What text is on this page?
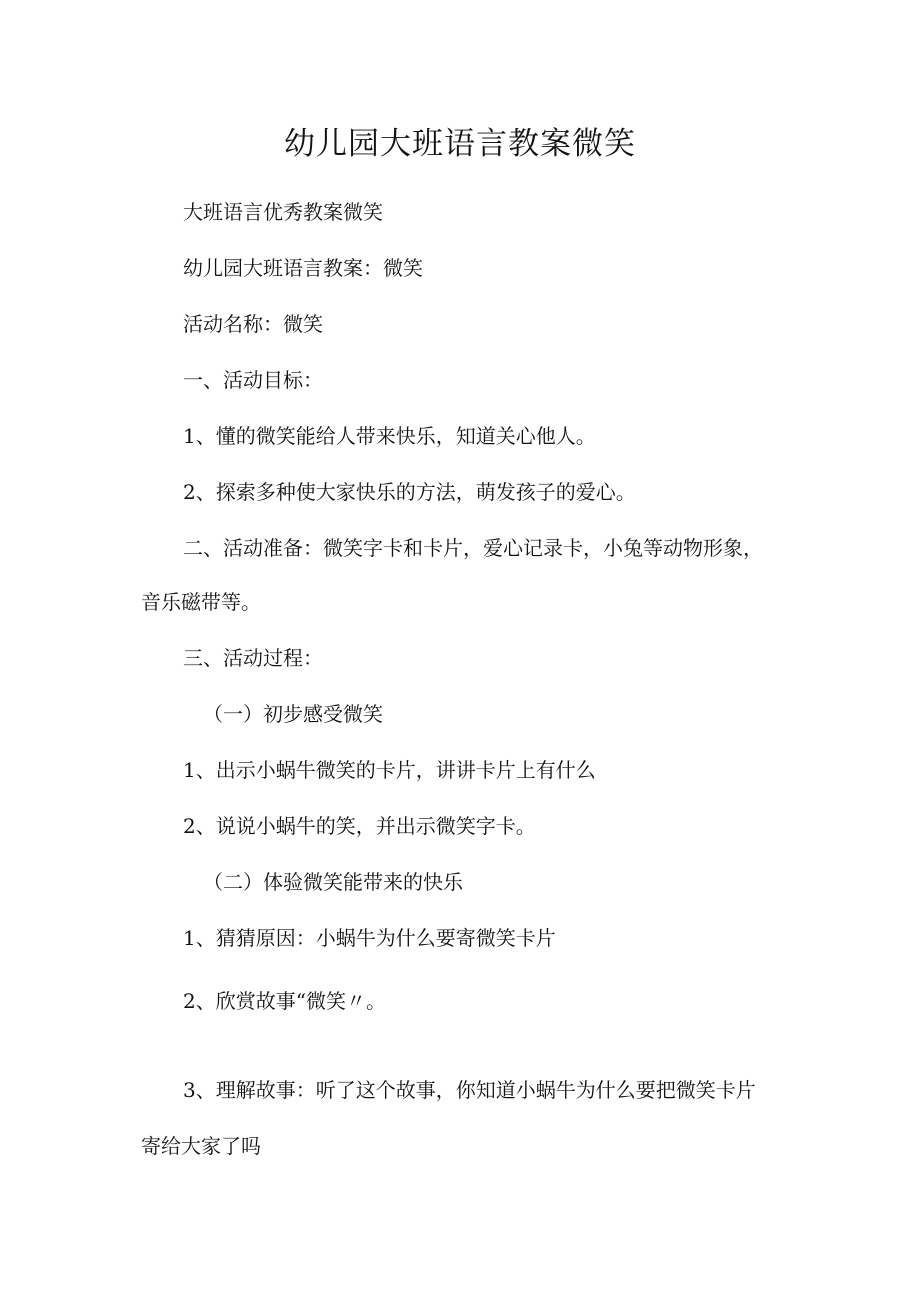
幼儿园大班语言教案微笑

大班语言优秀教案微笑

幼儿园大班语言教案：微笑

活动名称：微笑

一、活动目标：

1、懂的微笑能给人带来快乐，知道关心他人。

2、探索多种使大家快乐的方法，萌发孩子的爱心。

二、活动准备：微笑字卡和卡片，爱心记录卡，小兔等动物形象，

音乐磁带等。

三、活动过程：

（一）初步感受微笑

1、出示小蜗牛微笑的卡片，讲讲卡片上有什么

2、说说小蜗牛的笑，并出示微笑字卡。

（二）体验微笑能带来的快乐

1、猜猜原因：小蜗牛为什么要寄微笑卡片

2、欣赏故事“微笑〃。

3、理解故事：听了这个故事，你知道小蜗牛为什么要把微笑卡片

寄给大家了吗
